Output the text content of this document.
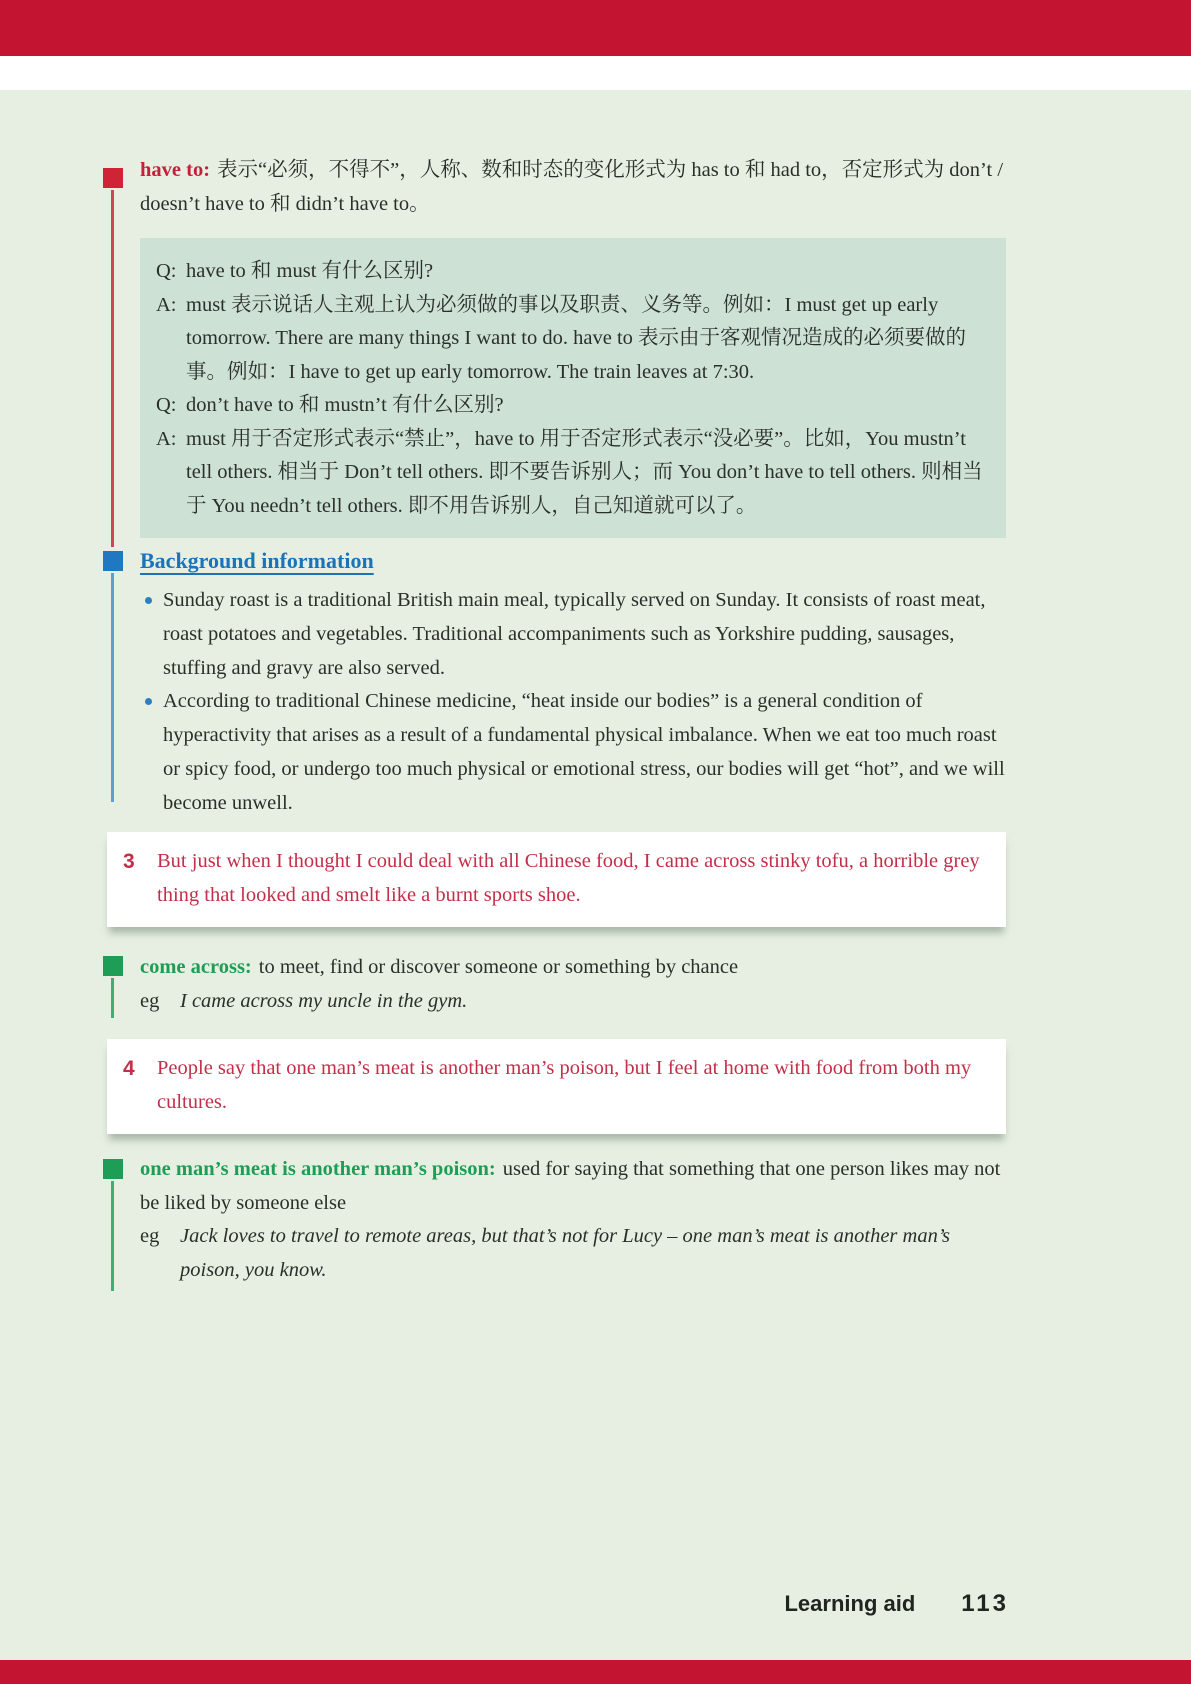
have to: 表示“必须，不得不”，人称、数和时态的变化形式为 has to 和 had to，否定形式为 don’t / doesn’t have to 和 didn’t have to。

Q: have to 和 must 有什么区别?
A: must 表示说话人主观上认为必须做的事以及职责、义务等。例如：I must get up early tomorrow. There are many things I want to do. have to 表示由于客观情况造成的必须要做的事。例如：I have to get up early tomorrow. The train leaves at 7:30.
Q: don’t have to 和 mustn’t 有什么区别?
A: must 用于否定形式表示“禁止”，have to 用于否定形式表示“没必要”。比如，You mustn’t tell others. 相当于 Don’t tell others. 即不要告诉别人；而 You don’t have to tell others. 则相当于 You needn’t tell others. 即不用告诉别人，自己知道就可以了。
Background information
Sunday roast is a traditional British main meal, typically served on Sunday. It consists of roast meat, roast potatoes and vegetables. Traditional accompaniments such as Yorkshire pudding, sausages, stuffing and gravy are also served.
According to traditional Chinese medicine, “heat inside our bodies” is a general condition of hyperactivity that arises as a result of a fundamental physical imbalance. When we eat too much roast or spicy food, or undergo too much physical or emotional stress, our bodies will get “hot”, and we will become unwell.
3 But just when I thought I could deal with all Chinese food, I came across stinky tofu, a horrible grey thing that looked and smelt like a burnt sports shoe.

come across: to meet, find or discover someone or something by chance

eg I came across my uncle in the gym.
4 People say that one man’s meat is another man’s poison, but I feel at home with food from both my cultures.

one man’s meat is another man’s poison: used for saying that something that one person likes may not be liked by someone else

eg Jack loves to travel to remote areas, but that’s not for Lucy – one man’s meat is another man’s poison, you know.
Learning aid 113
